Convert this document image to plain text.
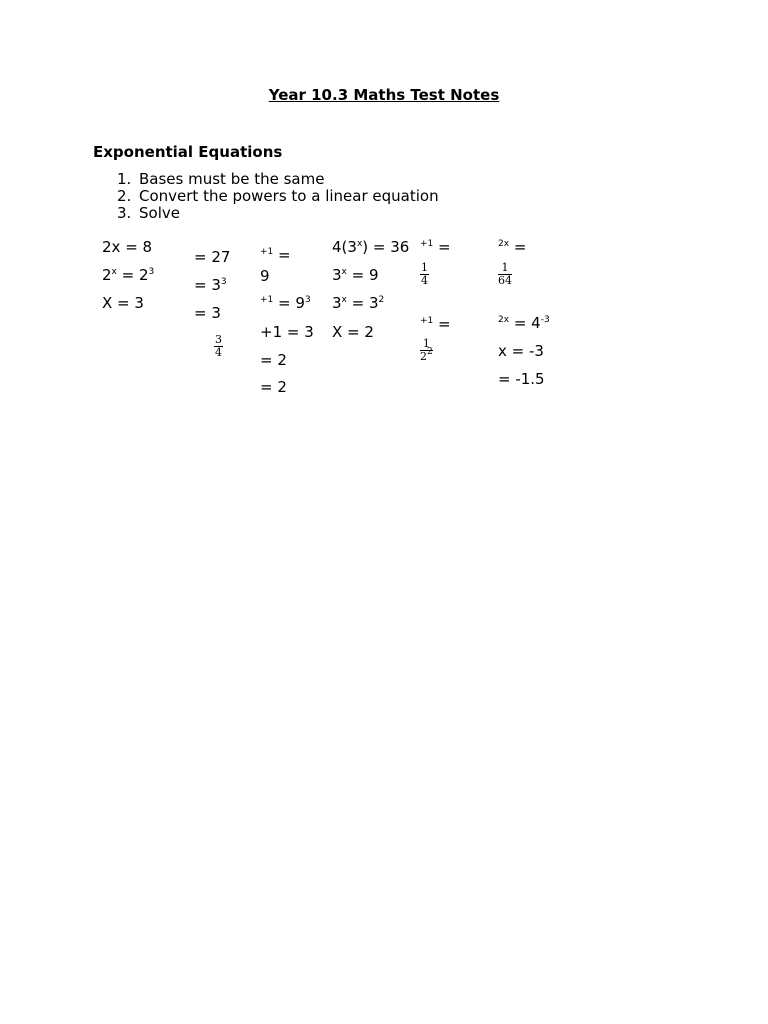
Year 10.3 Maths Test Notes
Exponential Equations
1. Bases must be the same
2. Convert the powers to a linear equation
3. Solve
2x = 8
$2^x = 2^3$
X = 3
= 27
= $3^3$
= 3
$\frac{3}{4}$
$^{+1}$ =
9
$^{+1} = 9^3$
+1 = 3
= 2
= 2
$4(3^x) = 36$
$3^x = 9$
$3^x = 3^2$
X = 2
$^{+1}$ =
$\frac{1}{4}$
$^{+1}$ =
$\frac{1}{2^2}$
$^{2x}$ =
$\frac{1}{64}$
$^{2x} = 4^{-3}$
x = -3
= -1.5
